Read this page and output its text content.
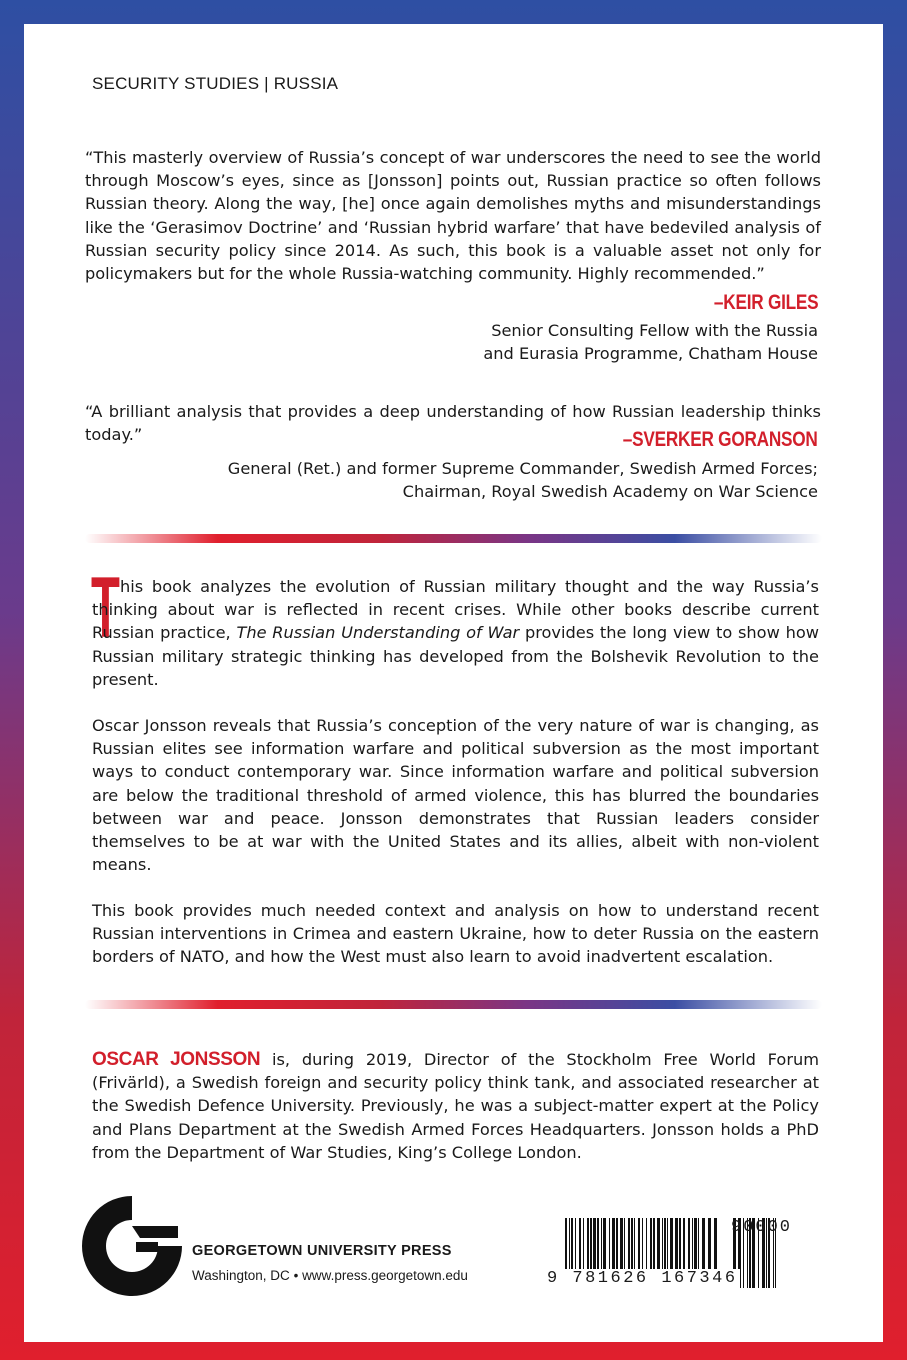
SECURITY STUDIES | RUSSIA
“This masterly overview of Russia’s concept of war underscores the need to see the world through Moscow’s eyes, since as [Jonsson] points out, Russian practice so often follows Russian theory. Along the way, [he] once again demolishes myths and misunderstandings like the ‘Gerasimov Doctrine’ and ‘Russian hybrid warfare’ that have bedeviled analysis of Russian security policy since 2014. As such, this book is a valuable asset not only for policymakers but for the whole Russia-watching community. Highly recommended.”
–KEIR GILES
Senior Consulting Fellow with the Russia
and Eurasia Programme, Chatham House
“A brilliant analysis that provides a deep understanding of how Russian leadership thinks today.”	–SVERKER GORANSON
General (Ret.) and former Supreme Commander, Swedish Armed Forces;
Chairman, Royal Swedish Academy on War Science
T his book analyzes the evolution of Russian military thought and the way Russia’s thinking about war is reflected in recent crises. While other books describe current Russian practice, The Russian Understanding of War provides the long view to show how Russian military strategic thinking has developed from the Bolshevik Revolution to the present.
Oscar Jonsson reveals that Russia’s conception of the very nature of war is changing, as Russian elites see information warfare and political subversion as the most important ways to conduct contemporary war. Since information warfare and political subversion are below the traditional threshold of armed violence, this has blurred the boundaries between war and peace. Jonsson demonstrates that Russian leaders consider themselves to be at war with the United States and its allies, albeit with non-violent means.
This book provides much needed context and analysis on how to understand recent Russian interventions in Crimea and eastern Ukraine, how to deter Russia on the eastern borders of NATO, and how the West must also learn to avoid inadvertent escalation.
OSCAR JONSSON is, during 2019, Director of the Stockholm Free World Forum (Frivärld), a Swedish foreign and security policy think tank, and associated researcher at the Swedish Defence University. Previously, he was a subject-matter expert at the Policy and Plans Department at the Swedish Armed Forces Headquarters. Jonsson holds a PhD from the Department of War Studies, King’s College London.
GEORGETOWN UNIVERSITY PRESS
Washington, DC • www.press.georgetown.edu	9 781626 167346
90000
